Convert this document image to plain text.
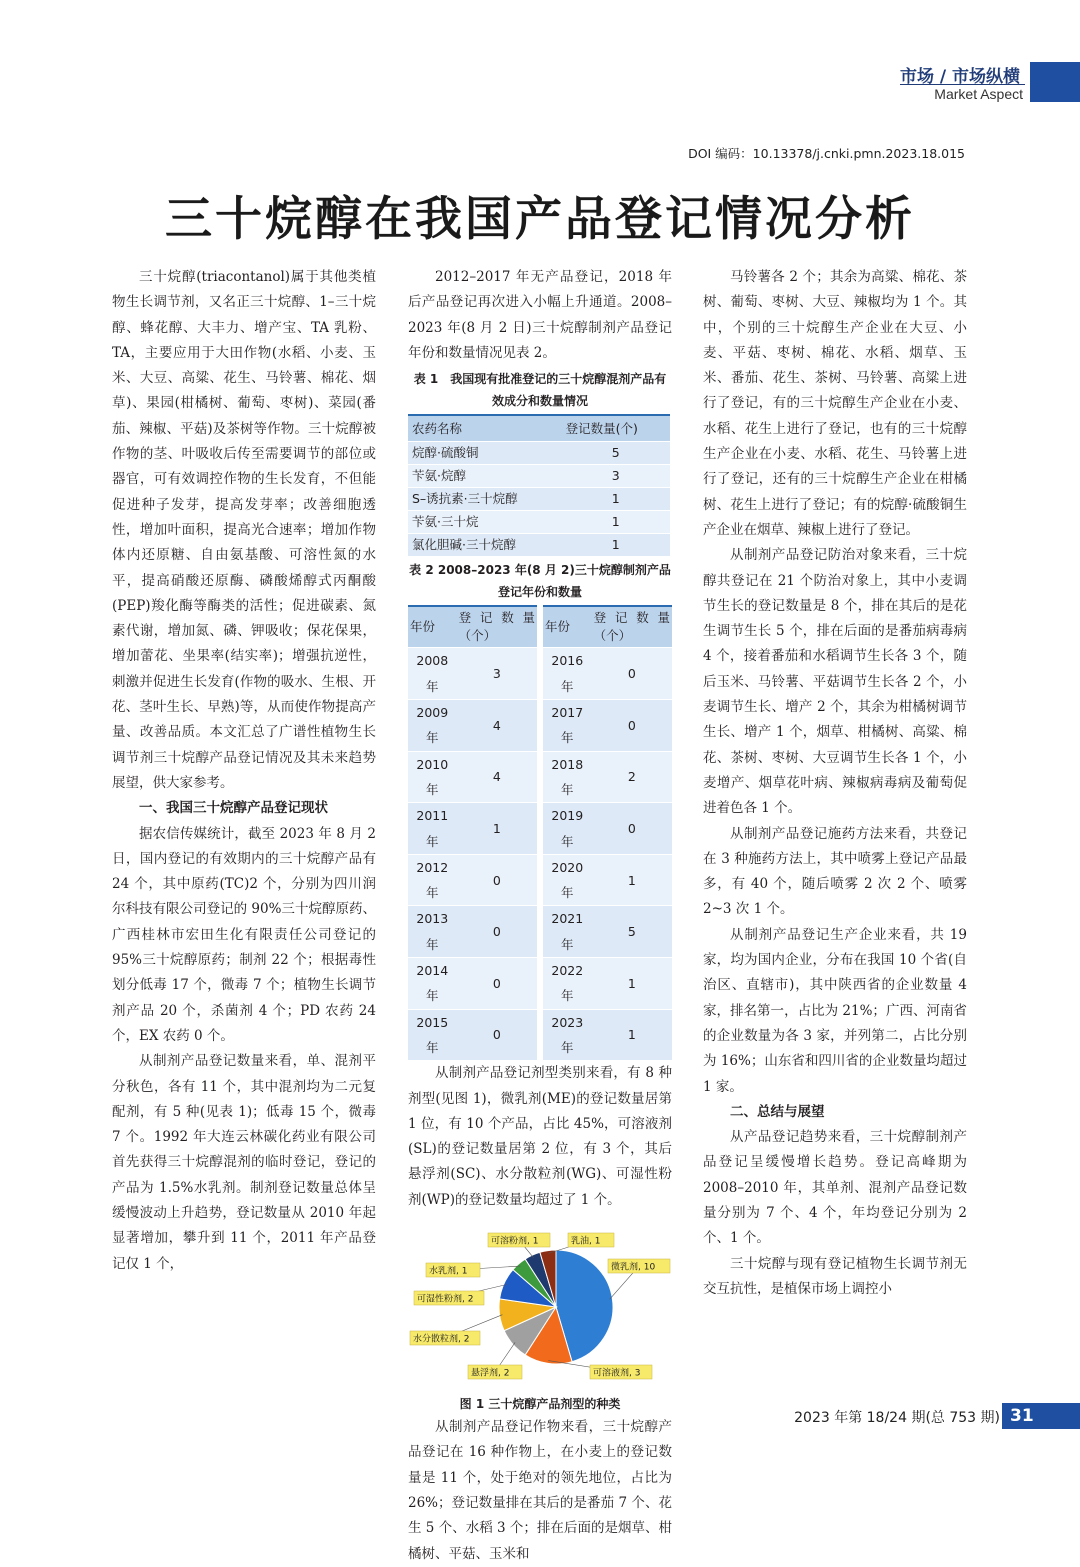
市场 / 市场纵横
Market Aspect
DOI 编码：10.13378/j.cnki.pmn.2023.18.015
三十烷醇在我国产品登记情况分析

三十烷醇(triacontanol)属于其他类植物生长调节剂，又名正三十烷醇、1–三十烷醇、蜂花醇、大丰力、增产宝、TA 乳粉、TA，主要应用于大田作物(水稻、小麦、玉米、大豆、高粱、花生、马铃薯、棉花、烟草)、果园(柑橘树、葡萄、枣树)、菜园(番茄、辣椒、平菇)及茶树等作物。三十烷醇被作物的茎、叶吸收后传至需要调节的部位或器官，可有效调控作物的生长发育，不但能促进种子发芽，提高发芽率；改善细胞透性，增加叶面积，提高光合速率；增加作物体内还原糖、自由氨基酸、可溶性氮的水平，提高硝酸还原酶、磷酸烯醇式丙酮酸(PEP)羧化酶等酶类的活性；促进碳素、氮素代谢，增加氮、磷、钾吸收；保花保果，增加蕾花、坐果率(结实率)；增强抗逆性，刺激并促进生长发育(作物的吸水、生根、开花、茎叶生长、早熟)等，从而使作物提高产量、改善品质。本文汇总了广谱性植物生长调节剂三十烷醇产品登记情况及其未来趋势展望，供大家参考。

一、我国三十烷醇产品登记现状

据农信传媒统计，截至 2023 年 8 月 2 日，国内登记的有效期内的三十烷醇产品有 24 个，其中原药(TC)2 个，分别为四川润尔科技有限公司登记的 90%三十烷醇原药、广西桂林市宏田生化有限责任公司登记的 95%三十烷醇原药；制剂 22 个；根据毒性划分低毒 17 个，微毒 7 个；植物生长调节剂产品 20 个，杀菌剂 4 个；PD 农药 24 个，EX 农药 0 个。

从制剂产品登记数量来看，单、混剂平分秋色，各有 11 个，其中混剂均为二元复配剂，有 5 种(见表 1)；低毒 15 个，微毒 7 个。1992 年大连云林碳化药业有限公司首先获得三十烷醇混剂的临时登记，登记的产品为 1.5%水乳剂。制剂登记数量总体呈缓慢波动上升趋势，登记数量从 2010 年起显著增加，攀升到 11 个，2011 年产品登记仅 1 个，

2012–2017 年无产品登记，2018 年后产品登记再次进入小幅上升通道。2008–2023 年(8 月 2 日)三十烷醇制剂产品登记年份和数量情况见表 2。

表 1　我国现有批准登记的三十烷醇混剂产品有效成分和数量情况
农药名称	登记数量(个)
烷醇·硫酸铜	5
苄氨·烷醇	3
S–诱抗素·三十烷醇	1
苄氨·三十烷	1
氯化胆碱·三十烷醇	1
表 2 2008–2023 年(8 月 2)三十烷醇制剂产品登记年份和数量
年份	登记数量（个）
2008 年	3
2009 年	4
2010 年	4
2011 年	1
2012 年	0
2013 年	0
2014 年	0
2015 年	0
年份	登记数量（个）
2016 年	0
2017 年	0
2018 年	2
2019 年	0
2020 年	1
2021 年	5
2022 年	1
2023 年	1

从制剂产品登记剂型类别来看，有 8 种剂型(见图 1)，微乳剂(ME)的登记数量居第 1 位，有 10 个产品，占比 45%，可溶液剂(SL)的登记数量居第 2 位，有 3 个，其后悬浮剂(SC)、水分散粒剂(WG)、可湿性粉剂(WP)的登记数量均超过了 1 个。

微乳剂, 10
可溶液剂, 3
悬浮剂, 2
水分散粒剂, 2
可湿性粉剂, 2
水乳剂, 1
可溶粉剂, 1	乳油, 1
图 1 三十烷醇产品剂型的种类

从制剂产品登记作物来看，三十烷醇产品登记在 16 种作物上，在小麦上的登记数量是 11 个，处于绝对的领先地位，占比为 26%；登记数量排在其后的是番茄 7 个、花生 5 个、水稻 3 个；排在后面的是烟草、柑橘树、平菇、玉米和

马铃薯各 2 个；其余为高粱、棉花、茶树、葡萄、枣树、大豆、辣椒均为 1 个。其中，个别的三十烷醇生产企业在大豆、小麦、平菇、枣树、棉花、水稻、烟草、玉米、番茄、花生、茶树、马铃薯、高粱上进行了登记，有的三十烷醇生产企业在小麦、水稻、花生上进行了登记，也有的三十烷醇生产企业在小麦、水稻、花生、马铃薯上进行了登记，还有的三十烷醇生产企业在柑橘树、花生上进行了登记；有的烷醇·硫酸铜生产企业在烟草、辣椒上进行了登记。

从制剂产品登记防治对象来看，三十烷醇共登记在 21 个防治对象上，其中小麦调节生长的登记数量是 8 个，排在其后的是花生调节生长 5 个，排在后面的是番茄病毒病 4 个，接着番茄和水稻调节生长各 3 个，随后玉米、马铃薯、平菇调节生长各 2 个，小麦调节生长、增产 2 个，其余为柑橘树调节生长、增产 1 个，烟草、柑橘树、高粱、棉花、茶树、枣树、大豆调节生长各 1 个，小麦增产、烟草花叶病、辣椒病毒病及葡萄促进着色各 1 个。

从制剂产品登记施药方法来看，共登记在 3 种施药方法上，其中喷雾上登记产品最多，有 40 个，随后喷雾 2 次 2 个、喷雾 2~3 次 1 个。

从制剂产品登记生产企业来看，共 19 家，均为国内企业，分布在我国 10 个省(自治区、直辖市)，其中陕西省的企业数量 4 家，排名第一，占比为 21%；广西、河南省的企业数量为各 3 家，并列第二，占比分别为 16%；山东省和四川省的企业数量均超过 1 家。

二、总结与展望

从产品登记趋势来看，三十烷醇制剂产品登记呈缓慢增长趋势。登记高峰期为 2008–2010 年，其单剂、混剂产品登记数量分别为 7 个、4 个，年均登记分别为 2 个、1 个。

三十烷醇与现有登记植物生长调节剂无交互抗性，是植保市场上调控小

2023 年第 18/24 期(总 753 期) 31
